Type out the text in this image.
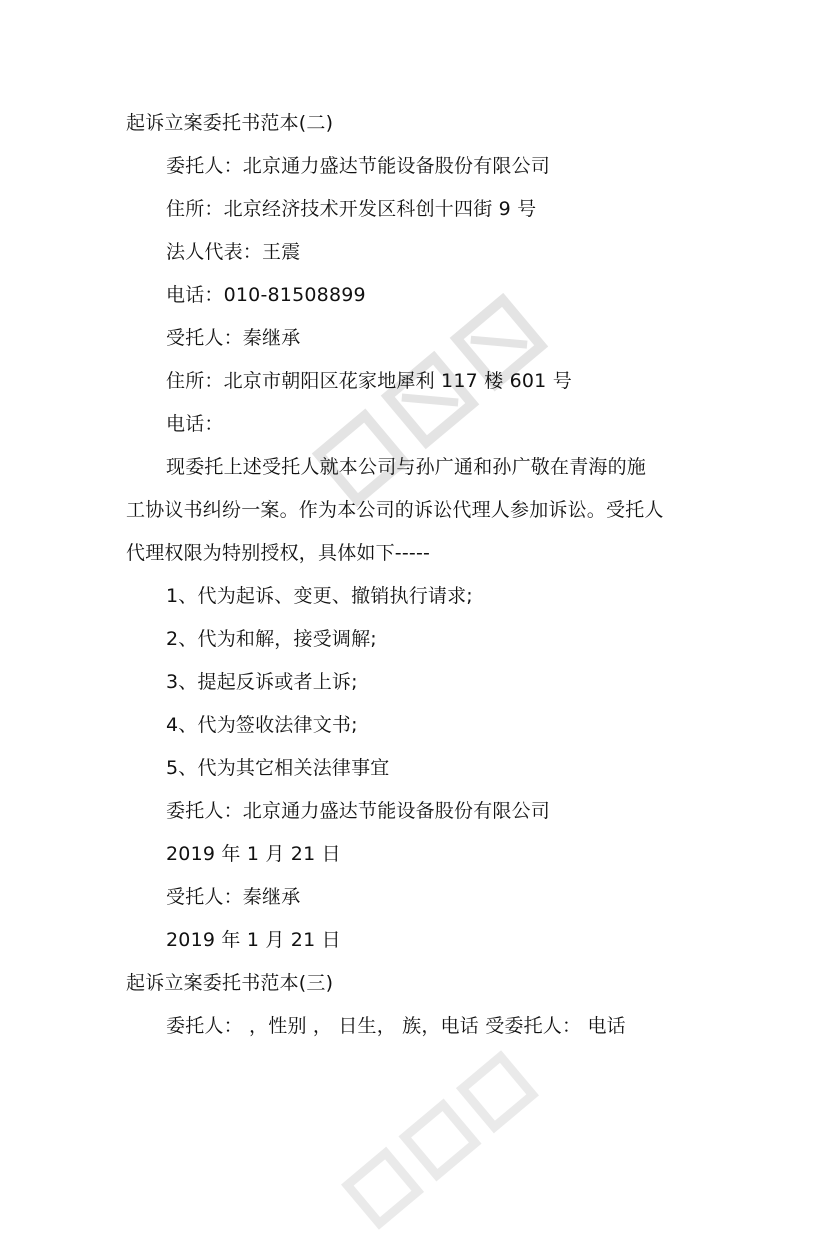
起诉立案委托书范本(二)
委托人：北京通力盛达节能设备股份有限公司
住所：北京经济技术开发区科创十四街 9 号
法人代表：王震
电话：010-81508899
受托人：秦继承
住所：北京市朝阳区花家地犀利 117 楼 601 号
电话：
现委托上述受托人就本公司与孙广通和孙广敬在青海的施
工协议书纠纷一案。作为本公司的诉讼代理人参加诉讼。受托人
代理权限为特别授权，具体如下-----
1、代为起诉、变更、撤销执行请求;
2、代为和解，接受调解;
3、提起反诉或者上诉;
4、代为签收法律文书;
5、代为其它相关法律事宜
委托人：北京通力盛达节能设备股份有限公司
2019 年 1 月 21 日
受托人：秦继承
2019 年 1 月 21 日
起诉立案委托书范本(三)
委托人： ，性别 ， 日生， 族，电话 受委托人： 电话
